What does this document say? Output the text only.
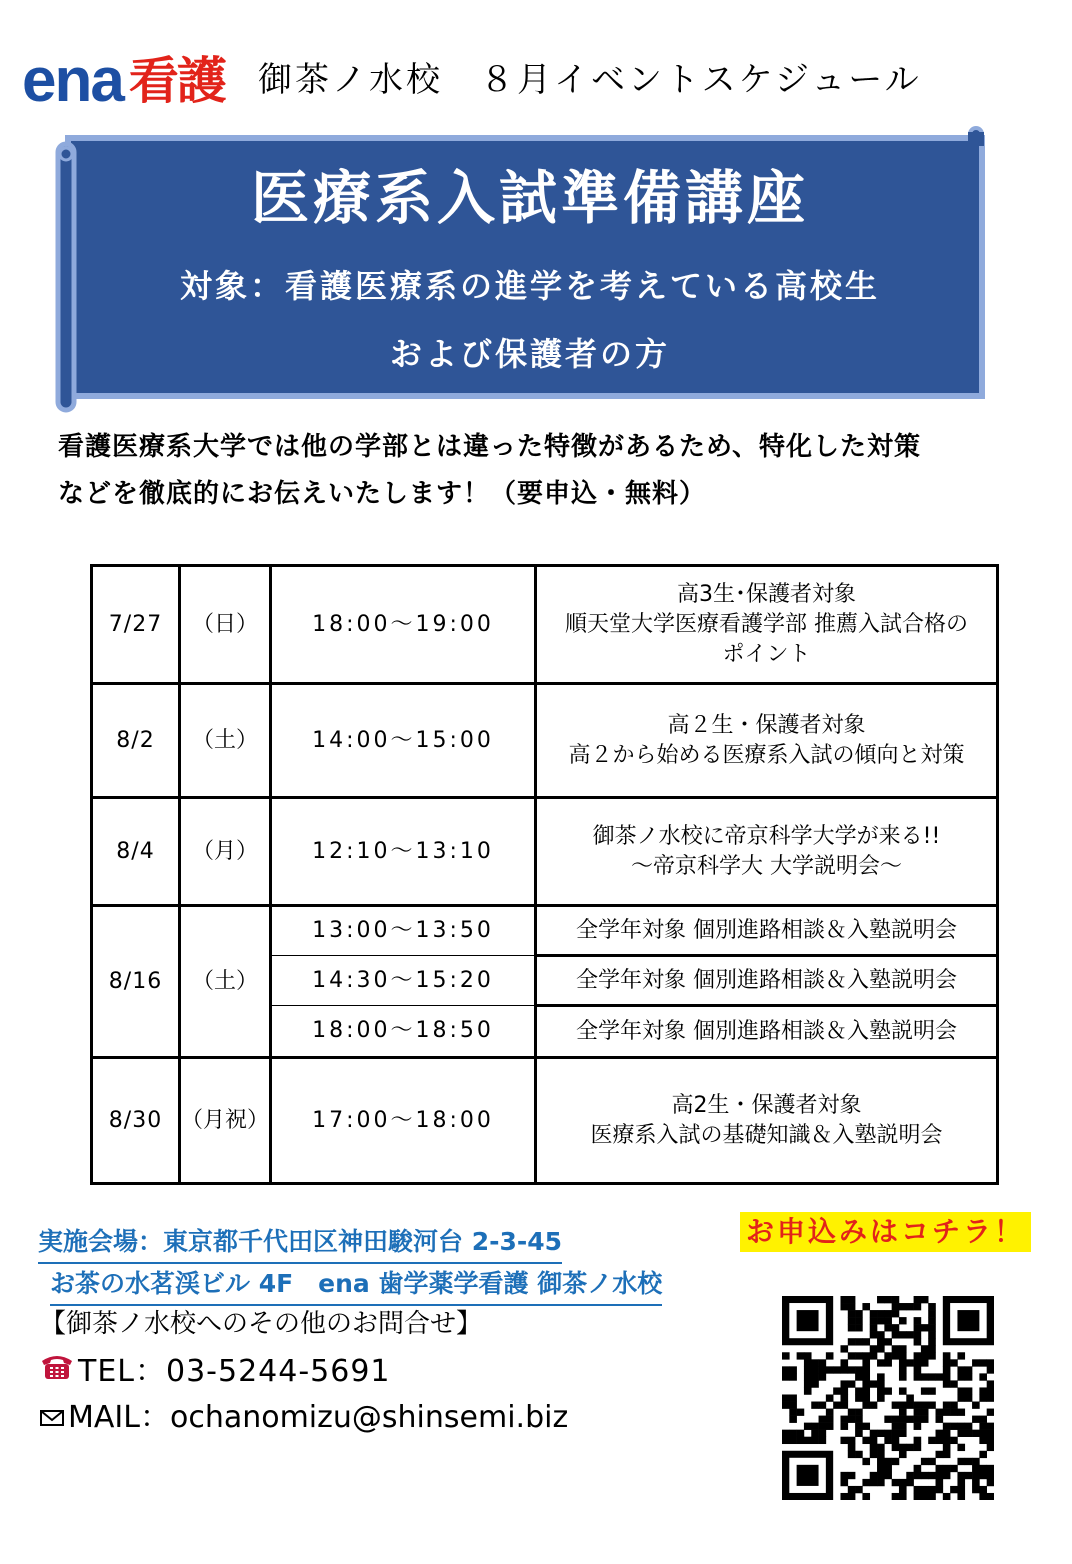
ena 看護 御茶ノ水校　８月イベントスケジュール
医療系入試準備講座
対象：看護医療系の進学を考えている高校生
および保護者の方
看護医療系大学では他の学部とは違った特徴があるため、特化した対策
などを徹底的にお伝えいたします！（要申込・無料）
7/27	（日）	18:00〜19:00	高3生･保護者対象
順天堂大学医療看護学部 推薦入試合格の
ポイント

8/2	（土）	14:00〜15:00	高２生・保護者対象
高２から始める医療系入試の傾向と対策

8/4	（月）	12:10〜13:10	御茶ノ水校に帝京科学大学が来る!!
〜帝京科学大 大学説明会〜

8/16	（土）	13:00〜13:50	全学年対象 個別進路相談＆入塾説明会
		14:30〜15:20	全学年対象 個別進路相談＆入塾説明会
		18:00〜18:50	全学年対象 個別進路相談＆入塾説明会
8/30	（月祝）	17:00〜18:00	高2生・保護者対象
医療系入試の基礎知識＆入塾説明会
実施会場：東京都千代田区神田駿河台 2-3-45
お茶の水茗渓ビル 4F　ena 歯学薬学看護 御茶ノ水校
【御茶ノ水校へのその他のお問合せ】
TEL：03-5244-5691
MAIL：ochanomizu@shinsemi.biz
お申込みはコチラ！
